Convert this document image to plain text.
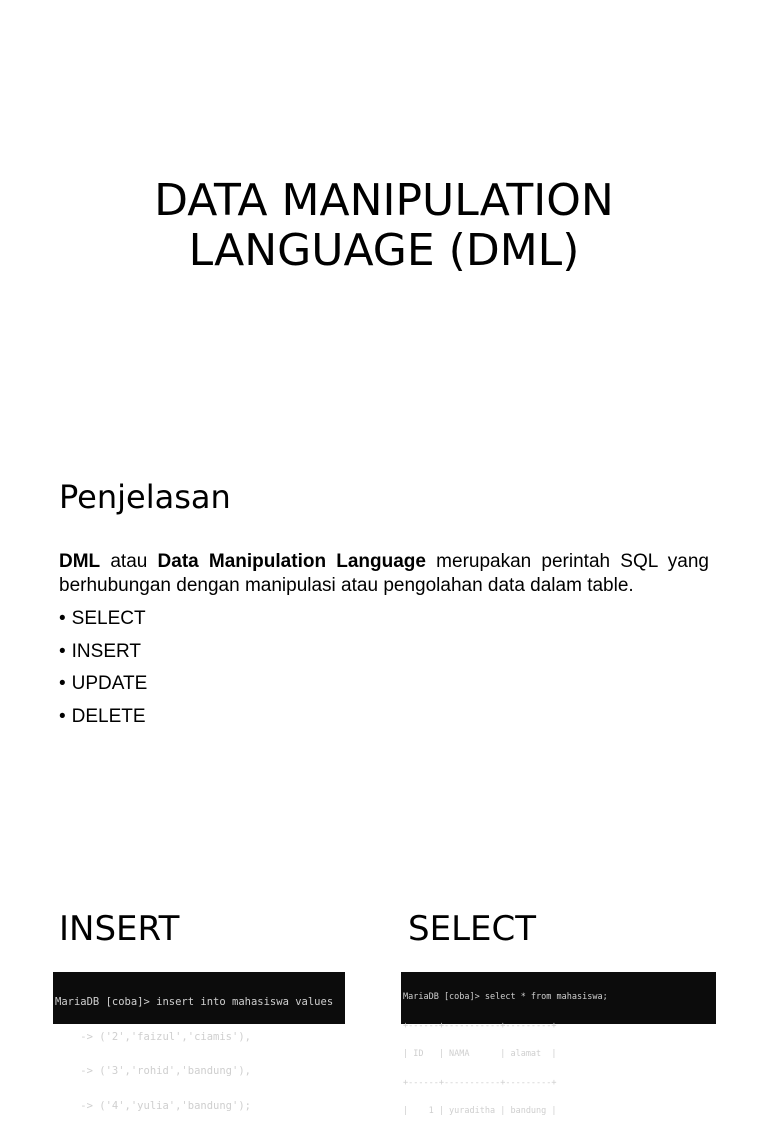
DATA MANIPULATION
LANGUAGE (DML)
Penjelasan

DML atau Data Manipulation Language merupakan perintah SQL yang berhubungan dengan manipulasi atau pengolahan data dalam table.

• SELECT
• INSERT
• UPDATE
• DELETE
INSERT	SELECT

MariaDB [coba]> insert into mahasiswa values

-> ('2','faizul','ciamis'),

-> ('3','rohid','bandung'),

-> ('4','yulia','bandung');

MariaDB [coba]> select * from mahasiswa;

+------+-----------+---------+

| ID   | NAMA      | alamat  |

+------+-----------+---------+

|    1 | yuraditha | bandung |
